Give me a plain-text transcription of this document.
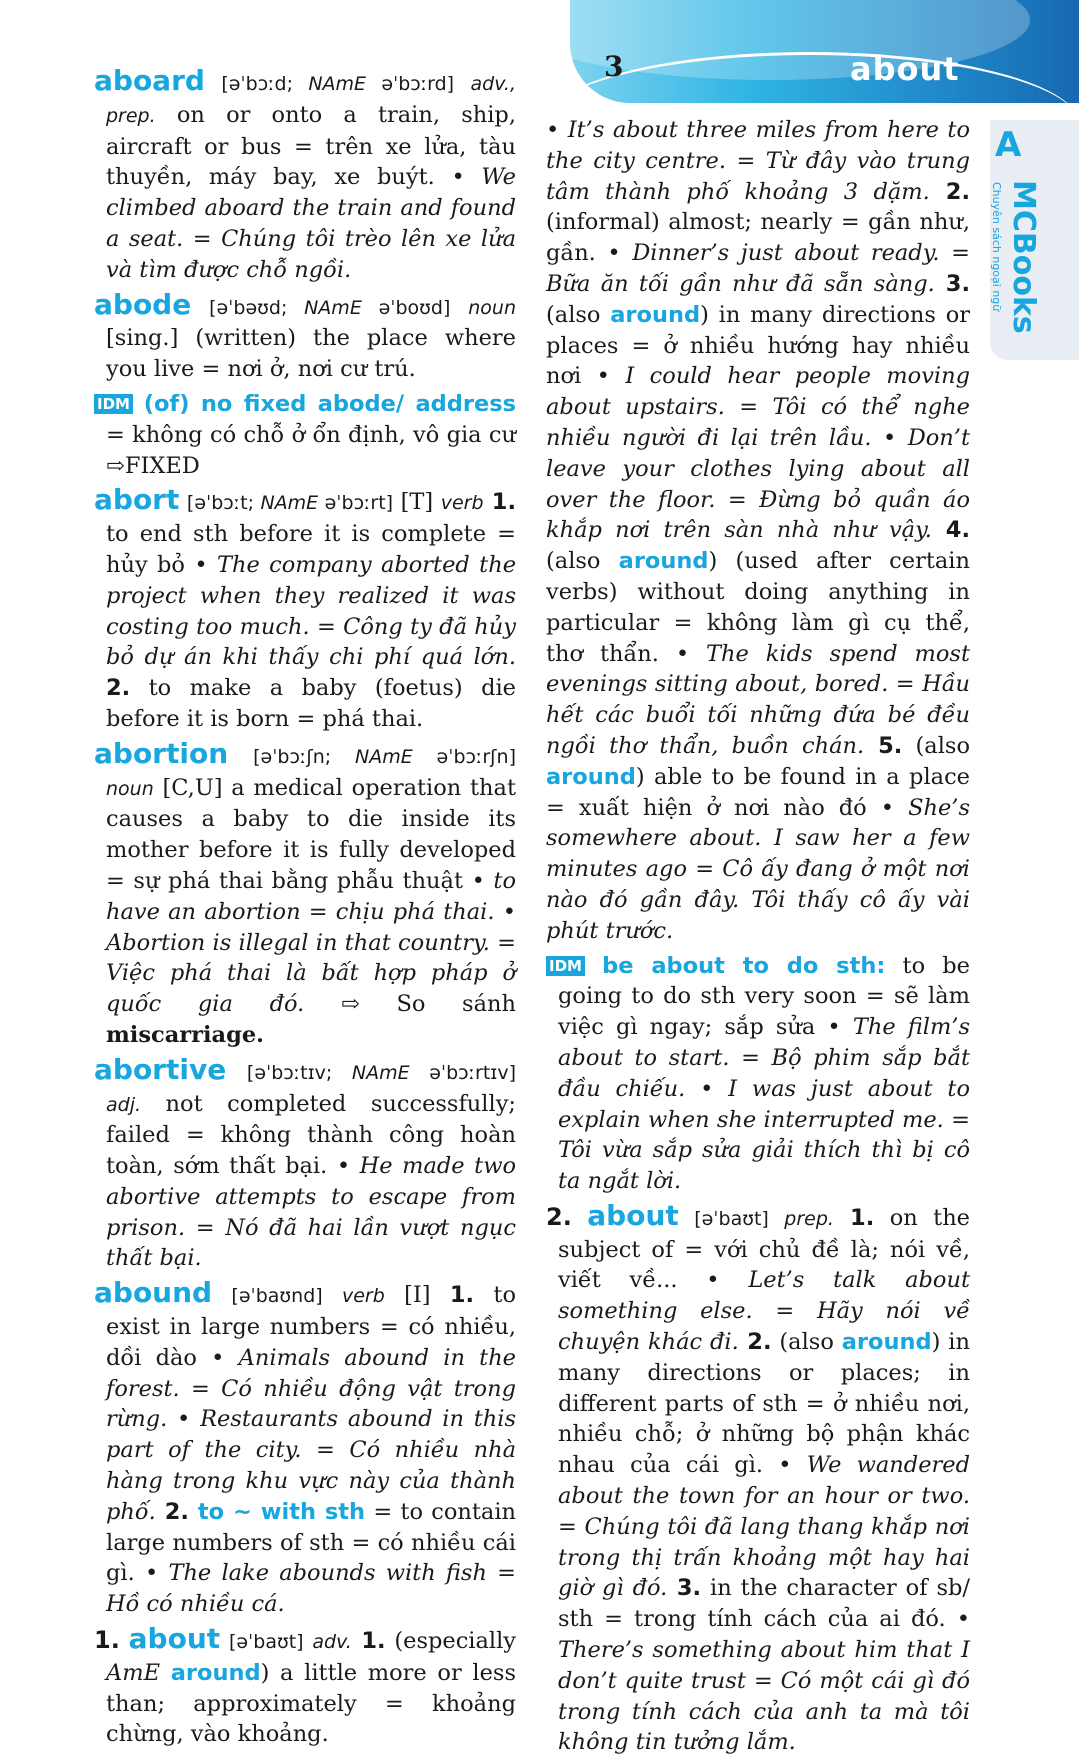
3	about
A
MCBooks
Chuyên sách ngoại ngữ

aboard [əˈbɔːd; NAmE əˈbɔːrd] adv., prep. on or onto a train, ship, aircraft or bus = trên xe lửa, tàu thuyền, máy bay, xe buýt. • We climbed aboard the train and found a seat. = Chúng tôi trèo lên xe lửa và tìm được chỗ ngồi.

abode [əˈbəʊd; NAmE əˈboʊd] noun [sing.] (written) the place where you live = nơi ở, nơi cư trú.

IDM (of) no fixed abode/ address = không có chỗ ở ổn định, vô gia cư ⇨FIXED

abort [əˈbɔːt; NAmE əˈbɔːrt] [T] verb 1. to end sth before it is complete = hủy bỏ • The company aborted the project when they realized it was costing too much. = Công ty đã hủy bỏ dự án khi thấy chi phí quá lớn. 2. to make a baby (foetus) die before it is born = phá thai.

abortion [əˈbɔːʃn; NAmE əˈbɔːrʃn] noun [C,U] a medical operation that causes a baby to die inside its mother before it is fully developed = sự phá thai bằng phẫu thuật • to have an abortion = chịu phá thai. • Abortion is illegal in that country. = Việc phá thai là bất hợp pháp ở quốc gia đó. ⇨ So sánh miscarriage.

abortive [əˈbɔːtɪv; NAmE əˈbɔːrtɪv] adj. not completed successfully; failed = không thành công hoàn toàn, sớm thất bại. • He made two abortive attempts to escape from prison. = Nó đã hai lần vượt ngục thất bại.

abound [əˈbaʊnd] verb [I] 1. to exist in large numbers = có nhiều, dồi dào • Animals abound in the forest. = Có nhiều động vật trong rừng. • Restaurants abound in this part of the city. = Có nhiều nhà hàng trong khu vực này của thành phố. 2. to ~ with sth = to contain large numbers of sth = có nhiều cái gì. • The lake abounds with fish = Hồ có nhiều cá.

1. about [əˈbaʊt] adv. 1. (especially AmE around) a little more or less than; approximately = khoảng chừng, vào khoảng.

• It’s about three miles from here to the city centre. = Từ đây vào trung tâm thành phố khoảng 3 dặm. 2. (informal) almost; nearly = gần như, gần. • Dinner’s just about ready. = Bữa ăn tối gần như đã sẵn sàng. 3. (also around) in many directions or places = ở nhiều hướng hay nhiều nơi • I could hear people moving about upstairs. = Tôi có thể nghe nhiều người đi lại trên lầu. • Don’t leave your clothes lying about all over the floor. = Đừng bỏ quần áo khắp nơi trên sàn nhà như vậy. 4. (also around) (used after certain verbs) without doing anything in particular = không làm gì cụ thể, thơ thẩn. • The kids spend most evenings sitting about, bored. = Hầu hết các buổi tối những đứa bé đều ngồi thơ thẩn, buồn chán. 5. (also around) able to be found in a place = xuất hiện ở nơi nào đó • She’s somewhere about. I saw her a few minutes ago = Cô ấy đang ở một nơi nào đó gần đây. Tôi thấy cô ấy vài phút trước.

IDM be about to do sth: to be going to do sth very soon = sẽ làm việc gì ngay; sắp sửa • The film’s about to start. = Bộ phim sắp bắt đầu chiếu. • I was just about to explain when she interrupted me. = Tôi vừa sắp sửa giải thích thì bị cô ta ngắt lời.

2. about [əˈbaʊt] prep. 1. on the subject of = với chủ đề là; nói về, viết về... • Let’s talk about something else. = Hãy nói về chuyện khác đi. 2. (also around) in many directions or places; in different parts of sth = ở nhiều nơi, nhiều chỗ; ở những bộ phận khác nhau của cái gì. • We wandered about the town for an hour or two. = Chúng tôi đã lang thang khắp nơi trong thị trấn khoảng một hay hai giờ gì đó. 3. in the character of sb/ sth = trong tính cách của ai đó. • There’s something about him that I don’t quite trust = Có một cái gì đó trong tính cách của anh ta mà tôi không tin tưởng lắm.
